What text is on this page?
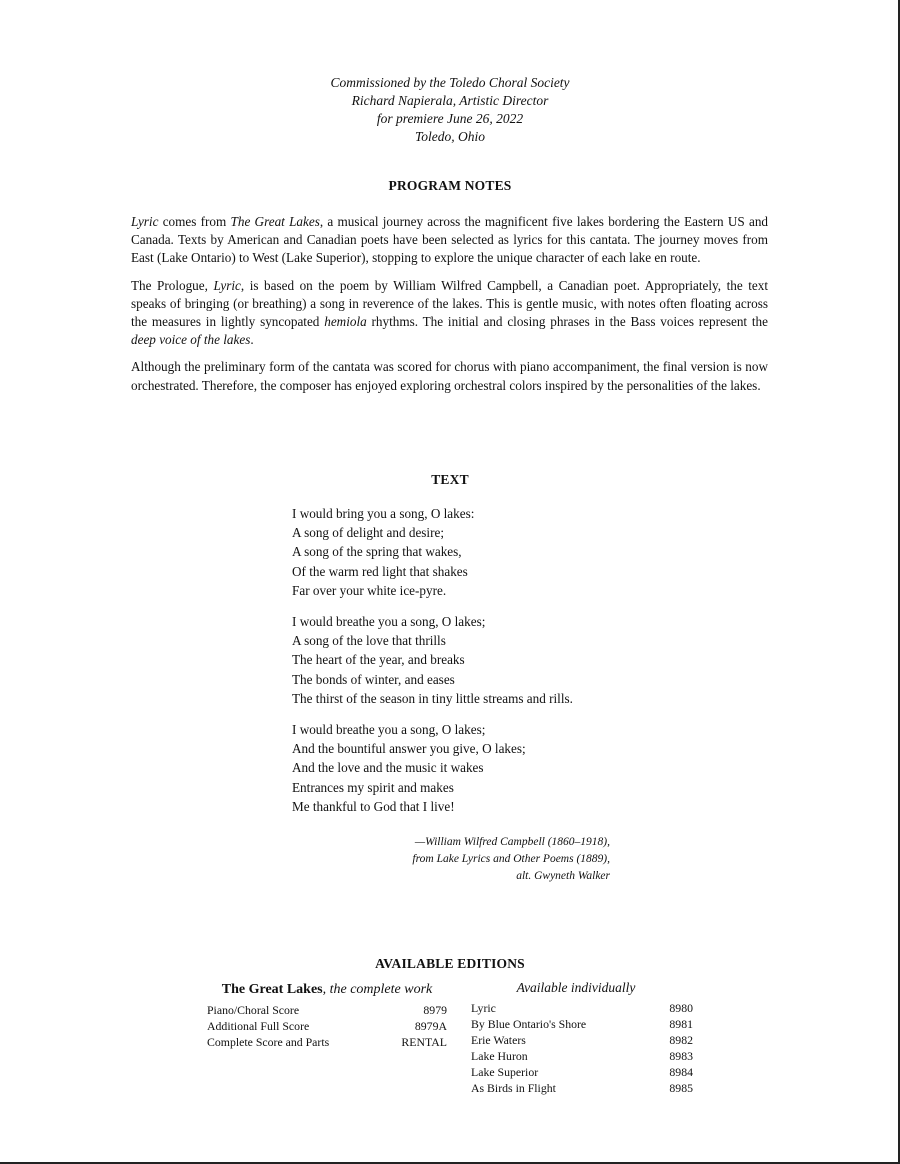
Commissioned by the Toledo Choral Society
Richard Napierala, Artistic Director
for premiere June 26, 2022
Toledo, Ohio
PROGRAM NOTES

Lyric comes from The Great Lakes, a musical journey across the magnificent five lakes bordering the Eastern US and Canada. Texts by American and Canadian poets have been selected as lyrics for this cantata. The journey moves from East (Lake Ontario) to West (Lake Superior), stopping to explore the unique character of each lake en route.

The Prologue, Lyric, is based on the poem by William Wilfred Campbell, a Canadian poet. Appropriately, the text speaks of bringing (or breathing) a song in reverence of the lakes. This is gentle music, with notes often floating across the measures in lightly syncopated hemiola rhythms. The initial and closing phrases in the Bass voices represent the deep voice of the lakes.

Although the preliminary form of the cantata was scored for chorus with piano accompaniment, the final version is now orchestrated. Therefore, the composer has enjoyed exploring orchestral colors inspired by the personalities of the lakes.

TEXT
I would bring you a song, O lakes:
A song of delight and desire;
A song of the spring that wakes,
Of the warm red light that shakes
Far over your white ice-pyre.
I would breathe you a song, O lakes;
A song of the love that thrills
The heart of the year, and breaks
The bonds of winter, and eases
The thirst of the season in tiny little streams and rills.
I would breathe you a song, O lakes;
And the bountiful answer you give, O lakes;
And the love and the music it wakes
Entrances my spirit and makes
Me thankful to God that I live!
—William Wilfred Campbell (1860–1918),
from Lake Lyrics and Other Poems (1889),
alt. Gwyneth Walker
AVAILABLE EDITIONS
The Great Lakes, the complete work
Piano/Choral Score	8979
Additional Full Score	8979A
Complete Score and Parts	RENTAL
Available individually
Lyric	8980
By Blue Ontario's Shore	8981
Erie Waters	8982
Lake Huron	8983
Lake Superior	8984
As Birds in Flight	8985
